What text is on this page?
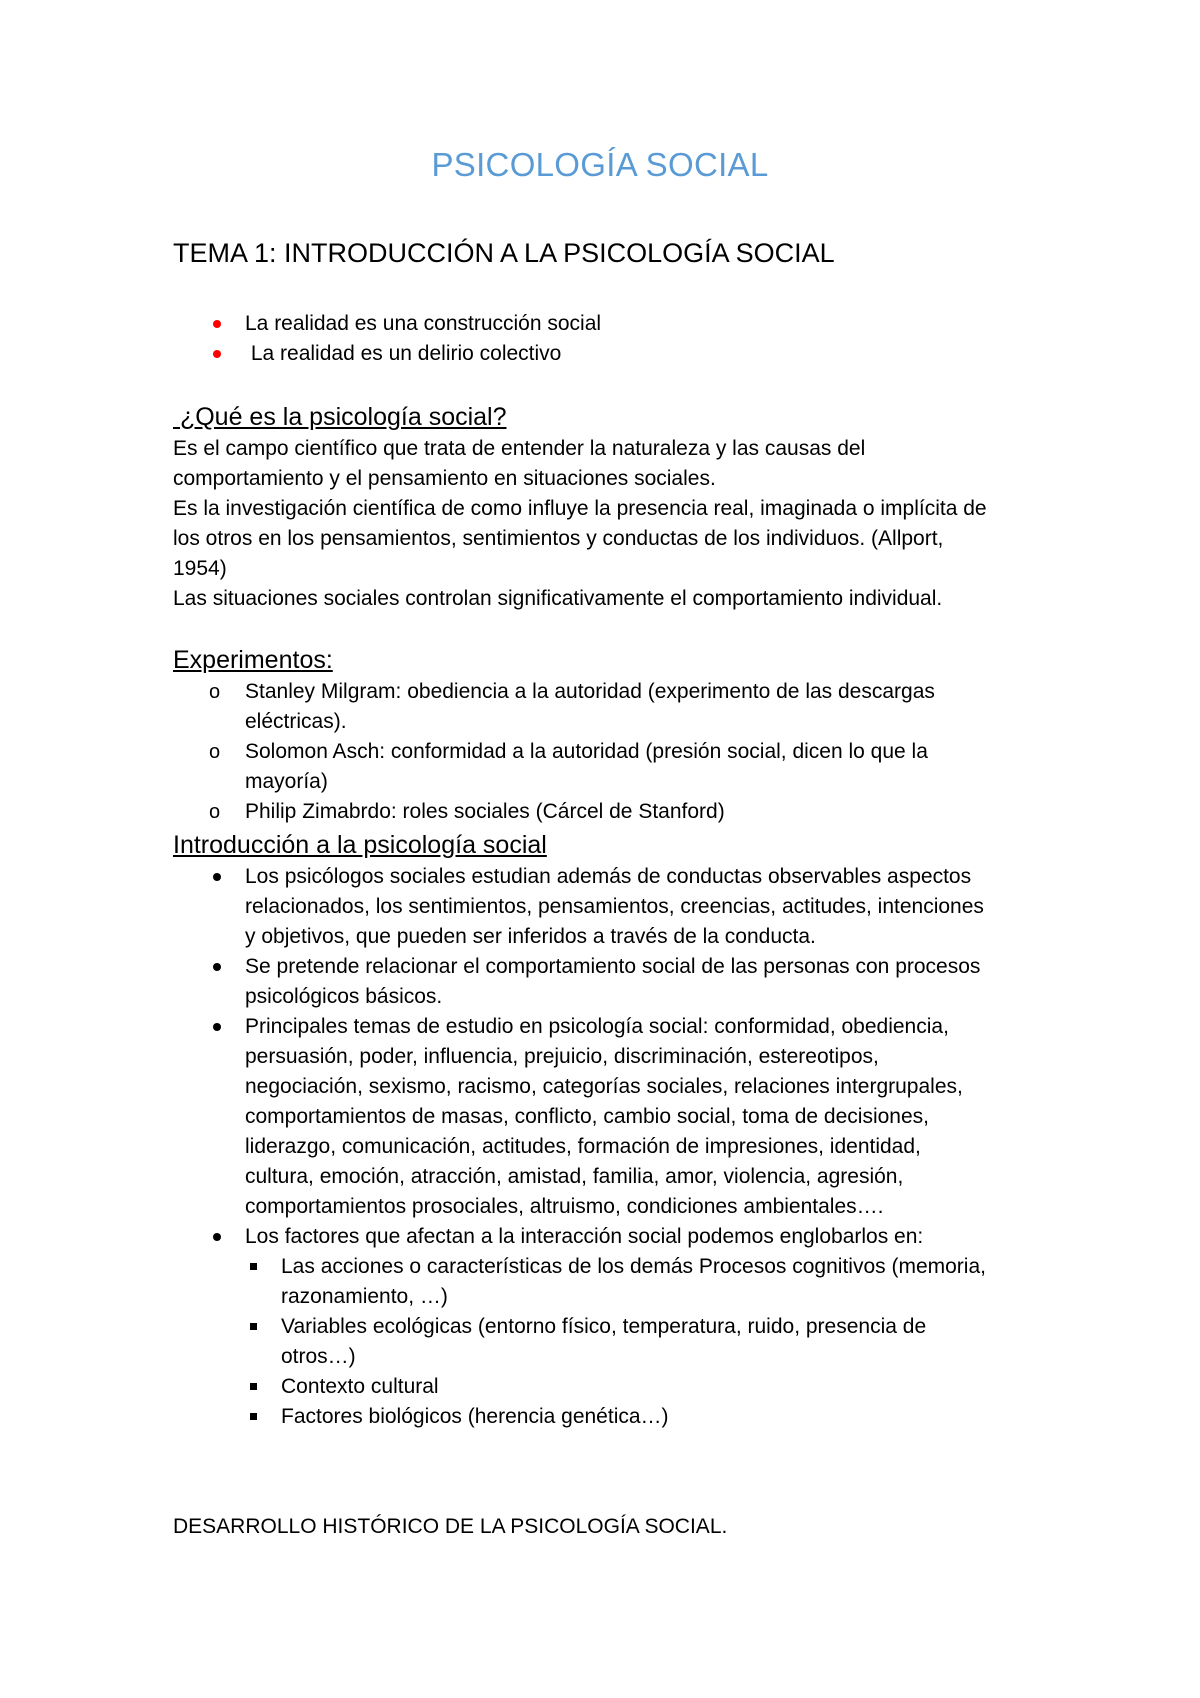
PSICOLOGÍA SOCIAL
TEMA 1: INTRODUCCIÓN A LA PSICOLOGÍA SOCIAL
La realidad es una construcción social
La realidad es un delirio colectivo
¿Qué es la psicología social?

Es el campo científico que trata de entender la naturaleza y las causas del

comportamiento y el pensamiento en situaciones sociales.

Es la investigación científica de como influye la presencia real, imaginada o implícita de

los otros en los pensamientos, sentimientos y conductas de los individuos. (Allport,

1954)

Las situaciones sociales controlan significativamente el comportamiento individual.

Experimentos:
o Stanley Milgram: obediencia a la autoridad (experimento de las descargas

eléctricas).

o Solomon Asch: conformidad a la autoridad (presión social, dicen lo que la

mayoría)

o Philip Zimabrdo: roles sociales (Cárcel de Stanford)

Introducción a la psicología social

Los psicólogos sociales estudian además de conductas observables aspectos

relacionados, los sentimientos, pensamientos, creencias, actitudes, intenciones

y objetivos, que pueden ser inferidos a través de la conducta.

Se pretende relacionar el comportamiento social de las personas con procesos

psicológicos básicos.

Principales temas de estudio en psicología social: conformidad, obediencia,

persuasión, poder, influencia, prejuicio, discriminación, estereotipos,

negociación, sexismo, racismo, categorías sociales, relaciones intergrupales,

comportamientos de masas, conflicto, cambio social, toma de decisiones,

liderazgo, comunicación, actitudes, formación de impresiones, identidad,

cultura, emoción, atracción, amistad, familia, amor, violencia, agresión,

comportamientos prosociales, altruismo, condiciones ambientales….

Los factores que afectan a la interacción social podemos englobarlos en:

Las acciones o características de los demás Procesos cognitivos (memoria,

razonamiento, …)

Variables ecológicas (entorno físico, temperatura, ruido, presencia de

otros…)

Contexto cultural

Factores biológicos (herencia genética…)

DESARROLLO HISTÓRICO DE LA PSICOLOGÍA SOCIAL.
